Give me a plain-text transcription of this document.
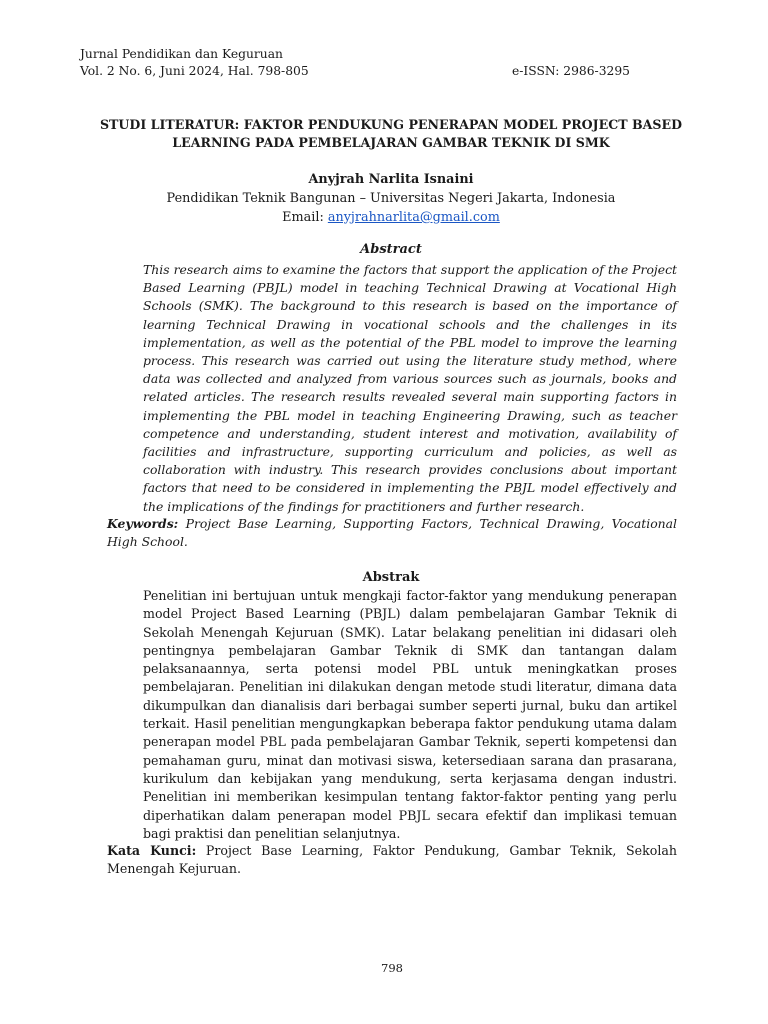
Jurnal Pendidikan dan Keguruan
Vol. 2 No. 6, Juni 2024, Hal. 798-805	e-ISSN: 2986-3295
STUDI LITERATUR: FAKTOR PENDUKUNG PENERAPAN MODEL PROJECT BASED
LEARNING PADA PEMBELAJARAN GAMBAR TEKNIK DI SMK
Anyjrah Narlita Isnaini
Pendidikan Teknik Bangunan – Universitas Negeri Jakarta, Indonesia
Email: anyjrahnarlita@gmail.com
Abstract

This research aims to examine the factors that support the application of the Project Based Learning (PBJL) model in teaching Technical Drawing at Vocational High Schools (SMK). The background to this research is based on the importance of learning Technical Drawing in vocational schools and the challenges in its implementation, as well as the potential of the PBL model to improve the learning process. This research was carried out using the literature study method, where data was collected and analyzed from various sources such as journals, books and related articles. The research results revealed several main supporting factors in implementing the PBL model in teaching Engineering Drawing, such as teacher competence and understanding, student interest and motivation, availability of facilities and infrastructure, supporting curriculum and policies, as well as collaboration with industry. This research provides conclusions about important factors that need to be considered in implementing the PBJL model effectively and the implications of the findings for practitioners and further research.

Keywords: Project Base Learning, Supporting Factors, Technical Drawing, Vocational High School.

Abstrak

Penelitian ini bertujuan untuk mengkaji factor-faktor yang mendukung penerapan model Project Based Learning (PBJL) dalam pembelajaran Gambar Teknik di Sekolah Menengah Kejuruan (SMK). Latar belakang penelitian ini didasari oleh pentingnya pembelajaran Gambar Teknik di SMK dan tantangan dalam pelaksanaannya, serta potensi model PBL untuk meningkatkan proses pembelajaran. Penelitian ini dilakukan dengan metode studi literatur, dimana data dikumpulkan dan dianalisis dari berbagai sumber seperti jurnal, buku dan artikel terkait. Hasil penelitian mengungkapkan beberapa faktor pendukung utama dalam penerapan model PBL pada pembelajaran Gambar Teknik, seperti kompetensi dan pemahaman guru, minat dan motivasi siswa, ketersediaan sarana dan prasarana, kurikulum dan kebijakan yang mendukung, serta kerjasama dengan industri. Penelitian ini memberikan kesimpulan tentang faktor-faktor penting yang perlu diperhatikan dalam penerapan model PBJL secara efektif dan implikasi temuan bagi praktisi dan penelitian selanjutnya.

Kata Kunci: Project Base Learning, Faktor Pendukung, Gambar Teknik, Sekolah Menengah Kejuruan.

798
